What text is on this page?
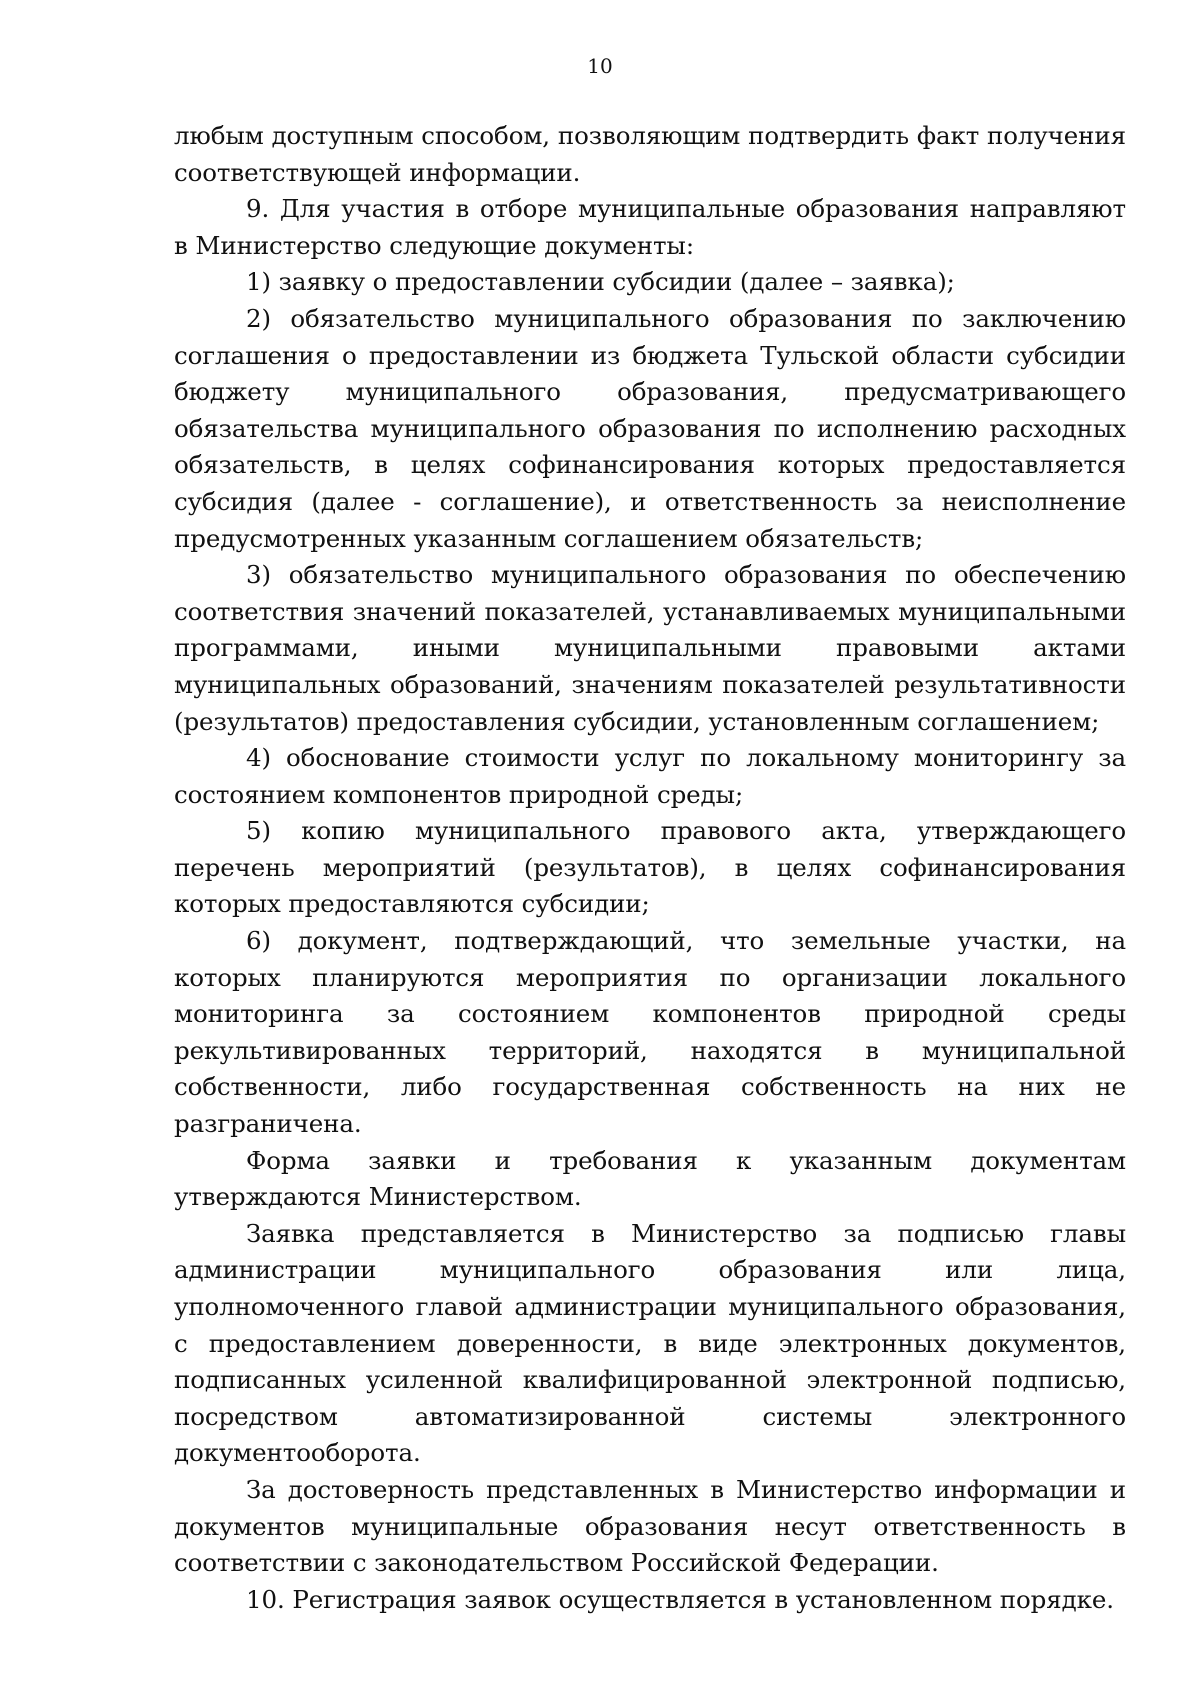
10

любым доступным способом, позволяющим подтвердить факт получения соответствующей информации.

9. Для участия в отборе муниципальные образования направляют в Министерство следующие документы:

1) заявку о предоставлении субсидии (далее – заявка);

2) обязательство муниципального образования по заключению соглашения о предоставлении из бюджета Тульской области субсидии бюджету муниципального образования, предусматривающего обязательства муниципального образования по исполнению расходных обязательств, в целях софинансирования которых предоставляется субсидия (далее - соглашение), и ответственность за неисполнение предусмотренных указанным соглашением обязательств;

3) обязательство муниципального образования по обеспечению соответствия значений показателей, устанавливаемых муниципальными программами, иными муниципальными правовыми актами муниципальных образований, значениям показателей результативности (результатов) предоставления субсидии, установленным соглашением;

4) обоснование стоимости услуг по локальному мониторингу за состоянием компонентов природной среды;

5) копию муниципального правового акта, утверждающего перечень мероприятий (результатов), в целях софинансирования которых предоставляются субсидии;

6) документ, подтверждающий, что земельные участки, на которых планируются мероприятия по организации локального мониторинга за состоянием компонентов природной среды рекультивированных территорий, находятся в муниципальной собственности, либо государственная собственность на них не разграничена.

Форма заявки и требования к указанным документам утверждаются Министерством.

Заявка представляется в Министерство за подписью главы администрации муниципального образования или лица, уполномоченного главой администрации муниципального образования, с предоставлением доверенности, в виде электронных документов, подписанных усиленной квалифицированной электронной подписью, посредством автоматизированной системы электронного документооборота.

За достоверность представленных в Министерство информации и документов муниципальные образования несут ответственность в соответствии с законодательством Российской Федерации.

10. Регистрация заявок осуществляется в установленном порядке.
